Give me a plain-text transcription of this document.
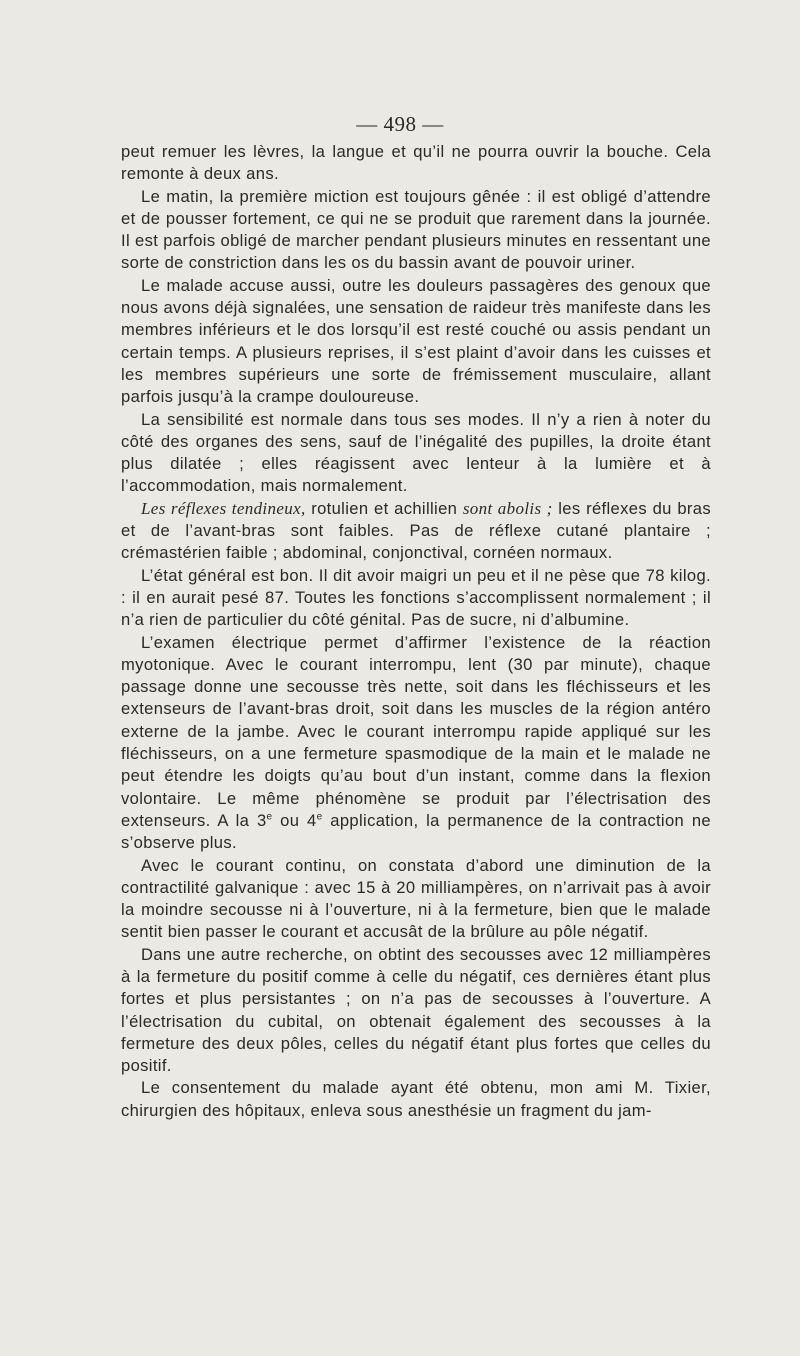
— 498 —

peut remuer les lèvres, la langue et qu’il ne pourra ouvrir la bouche. Cela remonte à deux ans.

Le matin, la première miction est toujours gênée : il est obligé d’attendre et de pousser fortement, ce qui ne se produit que rarement dans la journée. Il est parfois obligé de marcher pendant plusieurs minutes en ressentant une sorte de constriction dans les os du bassin avant de pouvoir uriner.

Le malade accuse aussi, outre les douleurs passagères des genoux que nous avons déjà signalées, une sensation de raideur très manifeste dans les membres inférieurs et le dos lorsqu’il est resté couché ou assis pendant un certain temps. A plusieurs reprises, il s’est plaint d’avoir dans les cuisses et les membres supérieurs une sorte de frémissement musculaire, allant parfois jusqu’à la crampe douloureuse.

La sensibilité est normale dans tous ses modes. Il n’y a rien à noter du côté des organes des sens, sauf de l’inégalité des pupilles, la droite étant plus dilatée ; elles réagissent avec lenteur à la lumière et à l’accommodation, mais normalement.

Les réflexes tendineux, rotulien et achillien sont abolis ; les réflexes du bras et de l’avant-bras sont faibles. Pas de réflexe cutané plantaire ; crémastérien faible ; abdominal, conjonctival, cornéen normaux.

L’état général est bon. Il dit avoir maigri un peu et il ne pèse que 78 kilog. : il en aurait pesé 87. Toutes les fonctions s’accomplissent normalement ; il n’a rien de particulier du côté génital. Pas de sucre, ni d’albumine.

L’examen électrique permet d’affirmer l’existence de la réaction myotonique. Avec le courant interrompu, lent (30 par minute), chaque passage donne une secousse très nette, soit dans les fléchisseurs et les extenseurs de l’avant-bras droit, soit dans les muscles de la région antéro externe de la jambe. Avec le courant interrompu rapide appliqué sur les fléchisseurs, on a une fermeture spasmodique de la main et le malade ne peut étendre les doigts qu’au bout d’un instant, comme dans la flexion volontaire. Le même phénomène se produit par l’électrisation des extenseurs. A la 3e ou 4e application, la permanence de la contraction ne s’observe plus.

Avec le courant continu, on constata d’abord une diminution de la contractilité galvanique : avec 15 à 20 milliampères, on n’arrivait pas à avoir la moindre secousse ni à l’ouverture, ni à la fermeture, bien que le malade sentit bien passer le courant et accusât de la brûlure au pôle négatif.

Dans une autre recherche, on obtint des secousses avec 12 milliampères à la fermeture du positif comme à celle du négatif, ces dernières étant plus fortes et plus persistantes ; on n’a pas de secousses à l’ouverture. A l’électrisation du cubital, on obtenait également des secousses à la fermeture des deux pôles, celles du négatif étant plus fortes que celles du positif.

Le consentement du malade ayant été obtenu, mon ami M. Tixier, chirurgien des hôpitaux, enleva sous anesthésie un fragment du jam-
